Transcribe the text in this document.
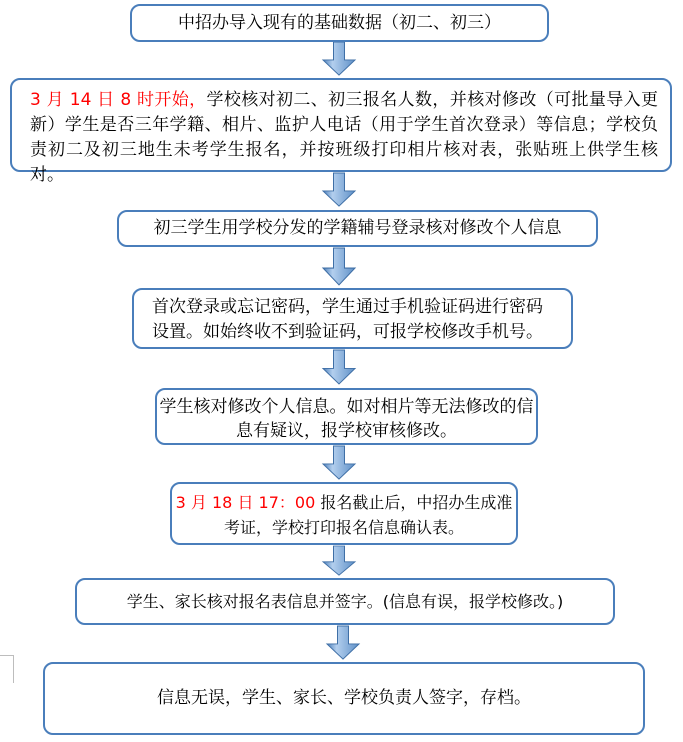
中招办导入现有的基础数据（初二、初三）
3 月 14 日 8 时开始，学校核对初二、初三报名人数，并核对修改（可批量导入更新）学生是否三年学籍、相片、监护人电话（用于学生首次登录）等信息；学校负责初二及初三地生未考学生报名，并按班级打印相片核对表，张贴班上供学生核对。
初三学生用学校分发的学籍辅号登录核对修改个人信息
首次登录或忘记密码，学生通过手机验证码进行密码设置。如始终收不到验证码，可报学校修改手机号。
学生核对修改个人信息。如对相片等无法修改的信息有疑议，报学校审核修改。
3 月 18 日 17：00 报名截止后，中招办生成准考证，学校打印报名信息确认表。
学生、家长核对报名表信息并签字。(信息有误，报学校修改。)
信息无误，学生、家长、学校负责人签字，存档。
